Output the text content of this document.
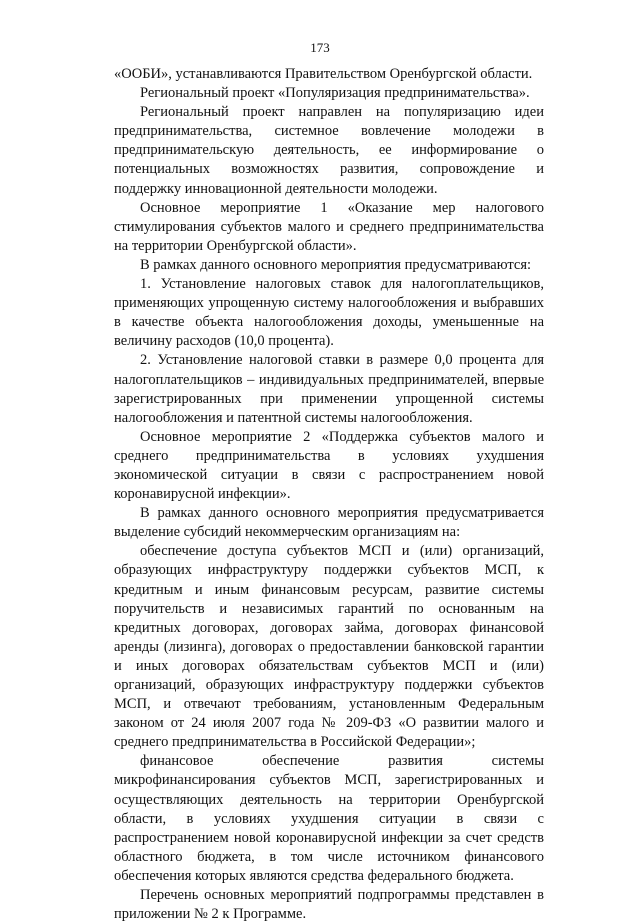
173

«ООБИ», устанавливаются Правительством Оренбургской области.

Региональный проект «Популяризация предпринимательства».

Региональный проект направлен на популяризацию идеи предпринимательства, системное вовлечение молодежи в предпринимательскую деятельность, ее информирование о потенциальных возможностях развития, сопровождение и поддержку инновационной деятельности молодежи.

Основное мероприятие 1 «Оказание мер налогового стимулирования субъектов малого и среднего предпринимательства на территории Оренбургской области».

В рамках данного основного мероприятия предусматриваются:

1. Установление налоговых ставок для налогоплательщиков, применяющих упрощенную систему налогообложения и выбравших в качестве объекта налогообложения доходы, уменьшенные на величину расходов (10,0 процента).

2. Установление налоговой ставки в размере 0,0 процента для налогоплательщиков – индивидуальных предпринимателей, впервые зарегистрированных при применении упрощенной системы налогообложения и патентной системы налогообложения.

Основное мероприятие 2 «Поддержка субъектов малого и среднего предпринимательства в условиях ухудшения экономической ситуации в связи с распространением новой коронавирусной инфекции».

В рамках данного основного мероприятия предусматривается выделение субсидий некоммерческим организациям на:

обеспечение доступа субъектов МСП и (или) организаций, образующих инфраструктуру поддержки субъектов МСП, к кредитным и иным финансовым ресурсам, развитие системы поручительств и независимых гарантий по основанным на кредитных договорах, договорах займа, договорах финансовой аренды (лизинга), договорах о предоставлении банковской гарантии и иных договорах обязательствам субъектов МСП и (или) организаций, образующих инфраструктуру поддержки субъектов МСП, и отвечают требованиям, установленным Федеральным законом от 24 июля 2007 года № 209-ФЗ «О развитии малого и среднего предпринимательства в Российской Федерации»;

финансовое обеспечение развития системы микрофинансирования субъектов МСП, зарегистрированных и осуществляющих деятельность на территории Оренбургской области, в условиях ухудшения ситуации в связи с распространением новой коронавирусной инфекции за счет средств областного бюджета, в том числе источником финансового обеспечения которых являются средства федерального бюджета.

Перечень основных мероприятий подпрограммы представлен в приложении № 2 к Программе.
